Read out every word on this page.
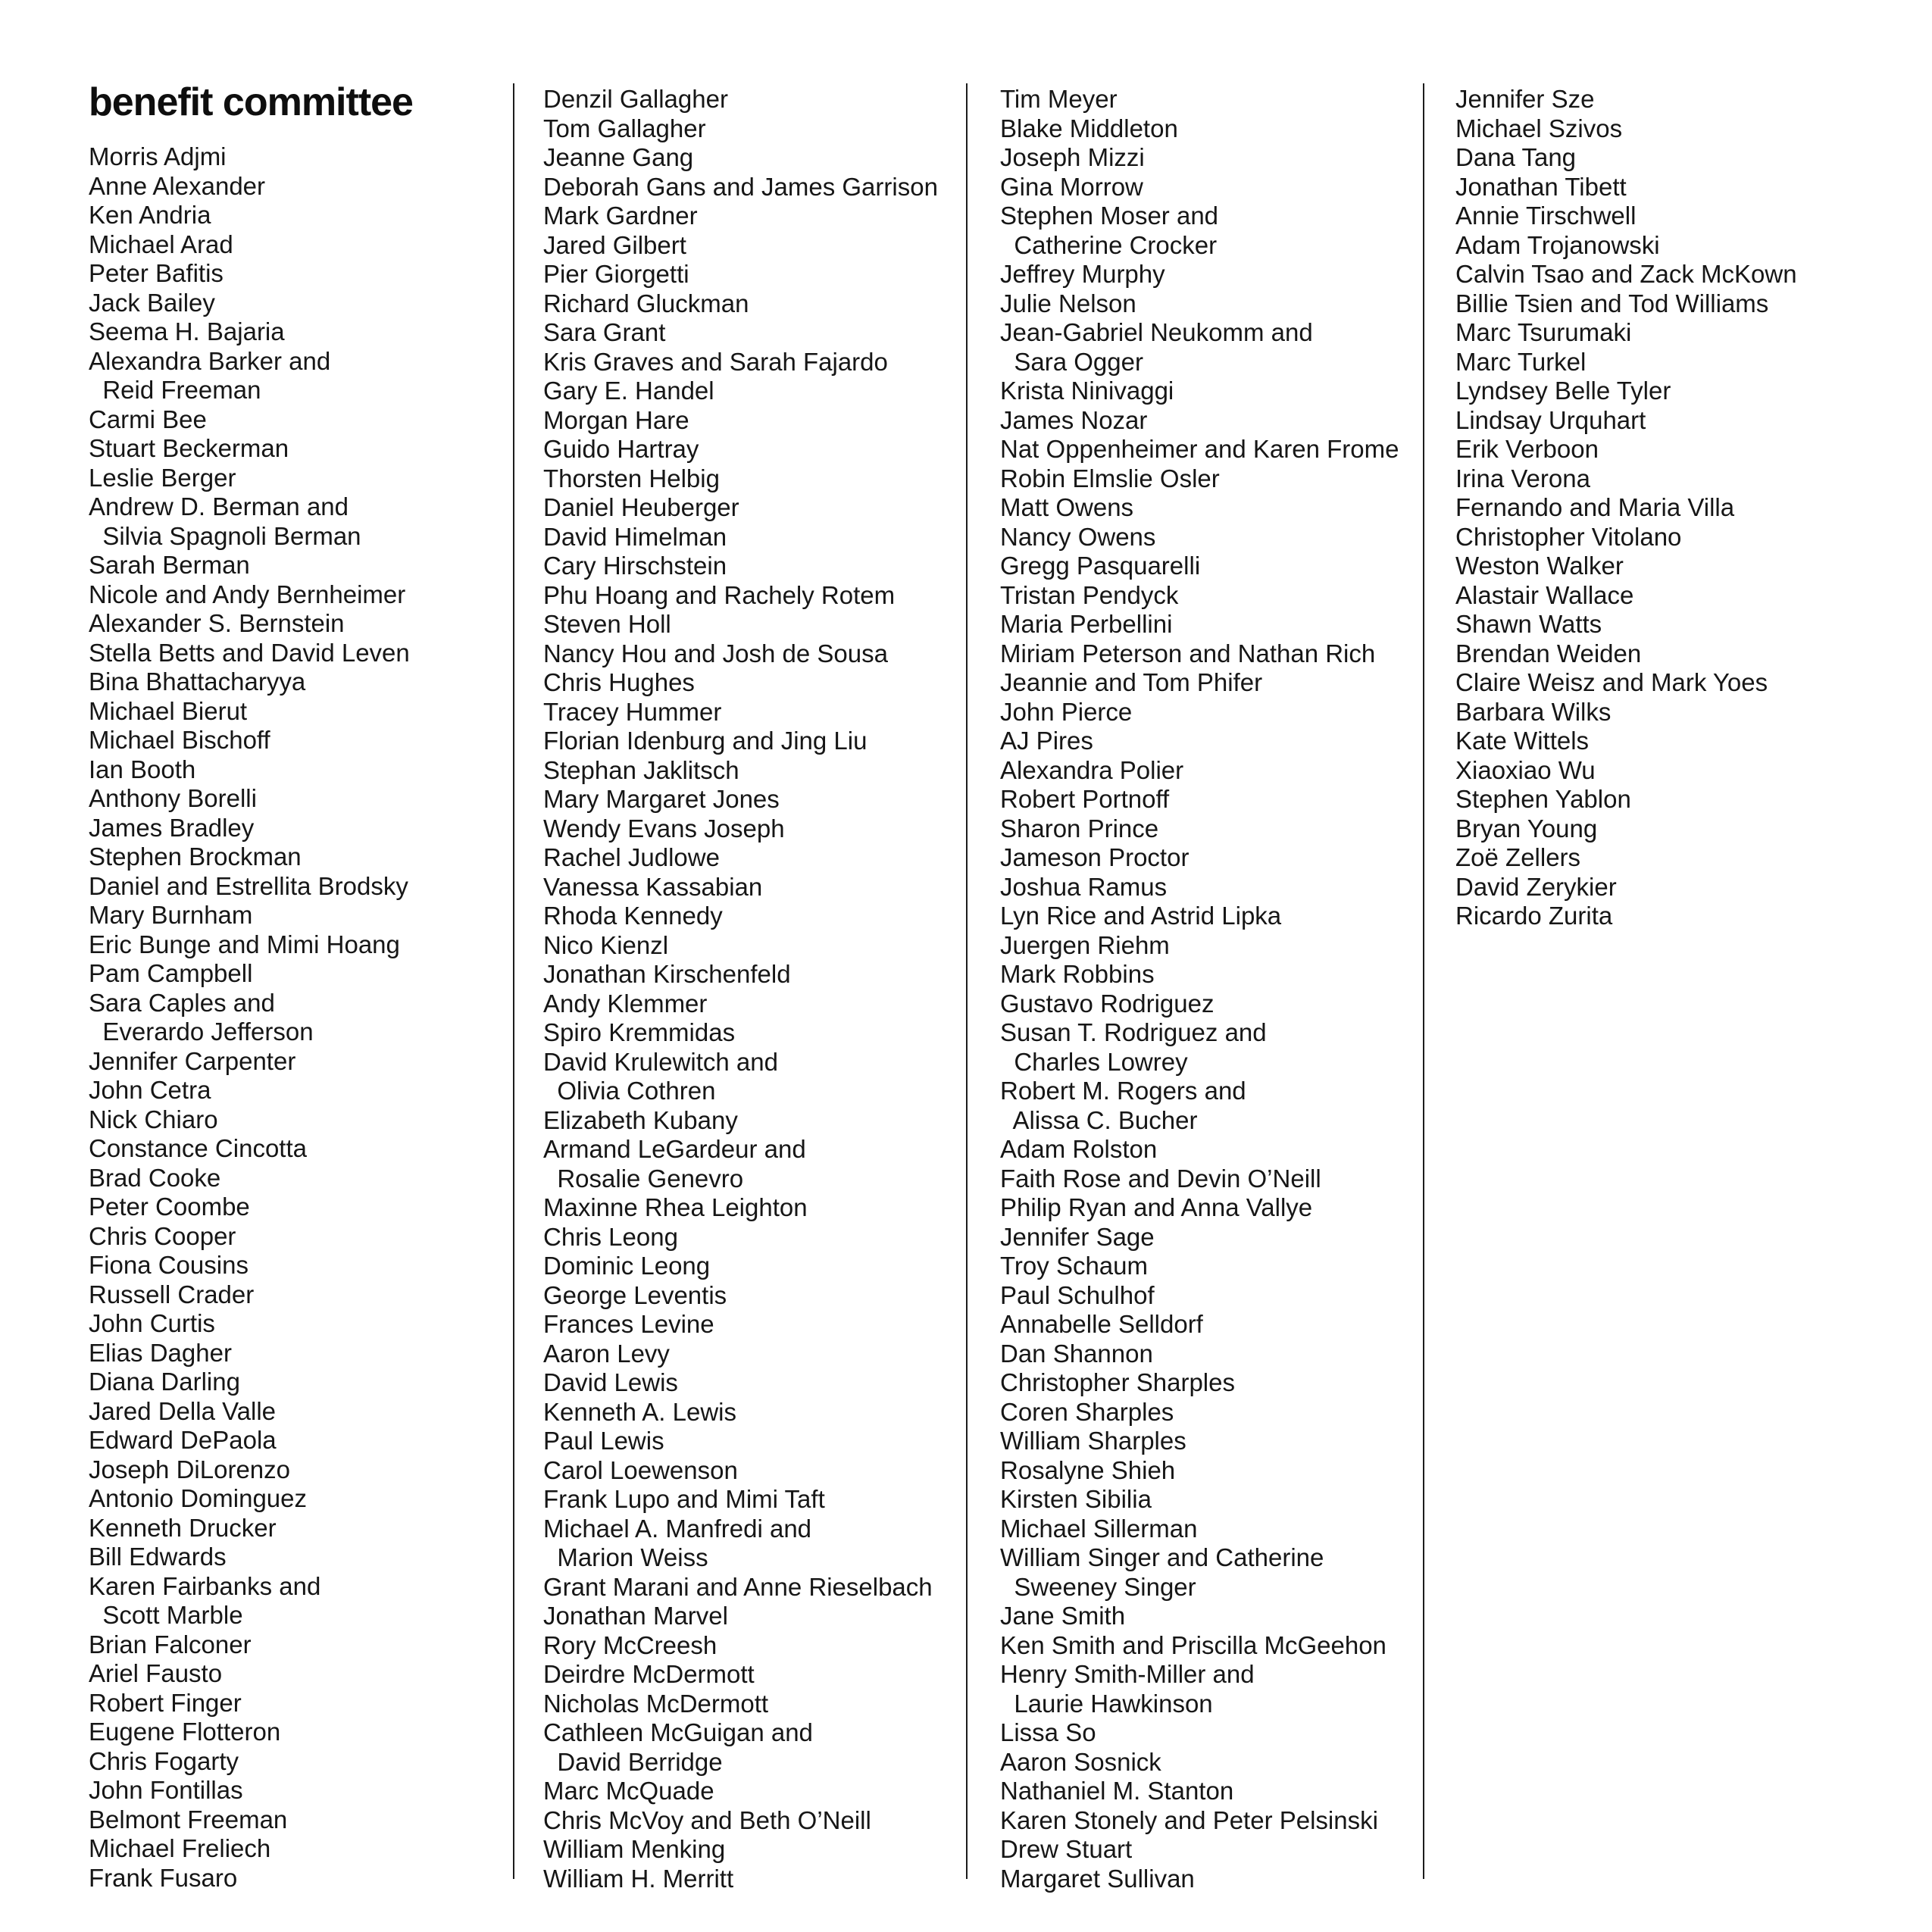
benefit committee
Morris Adjmi
Anne Alexander
Ken Andria
Michael Arad
Peter Bafitis
Jack Bailey
Seema H. Bajaria
Alexandra Barker and
Reid Freeman
Carmi Bee
Stuart Beckerman
Leslie Berger
Andrew D. Berman and
Silvia Spagnoli Berman
Sarah Berman
Nicole and Andy Bernheimer
Alexander S. Bernstein
Stella Betts and David Leven
Bina Bhattacharyya
Michael Bierut
Michael Bischoff
Ian Booth
Anthony Borelli
James Bradley
Stephen Brockman
Daniel and Estrellita Brodsky
Mary Burnham
Eric Bunge and Mimi Hoang
Pam Campbell
Sara Caples and
Everardo Jefferson
Jennifer Carpenter
John Cetra
Nick Chiaro
Constance Cincotta
Brad Cooke
Peter Coombe
Chris Cooper
Fiona Cousins
Russell Crader
John Curtis
Elias Dagher
Diana Darling
Jared Della Valle
Edward DePaola
Joseph DiLorenzo
Antonio Dominguez
Kenneth Drucker
Bill Edwards
Karen Fairbanks and
Scott Marble
Brian Falconer
Ariel Fausto
Robert Finger
Eugene Flotteron
Chris Fogarty
John Fontillas
Belmont Freeman
Michael Freliech
Frank Fusaro
Denzil Gallagher
Tom Gallagher
Jeanne Gang
Deborah Gans and James Garrison
Mark Gardner
Jared Gilbert
Pier Giorgetti
Richard Gluckman
Sara Grant
Kris Graves and Sarah Fajardo
Gary E. Handel
Morgan Hare
Guido Hartray
Thorsten Helbig
Daniel Heuberger
David Himelman
Cary Hirschstein
Phu Hoang and Rachely Rotem
Steven Holl
Nancy Hou and Josh de Sousa
Chris Hughes
Tracey Hummer
Florian Idenburg and Jing Liu
Stephan Jaklitsch
Mary Margaret Jones
Wendy Evans Joseph
Rachel Judlowe
Vanessa Kassabian
Rhoda Kennedy
Nico Kienzl
Jonathan Kirschenfeld
Andy Klemmer
Spiro Kremmidas
David Krulewitch and
Olivia Cothren
Elizabeth Kubany
Armand LeGardeur and
Rosalie Genevro
Maxinne Rhea Leighton
Chris Leong
Dominic Leong
George Leventis
Frances Levine
Aaron Levy
David Lewis
Kenneth A. Lewis
Paul Lewis
Carol Loewenson
Frank Lupo and Mimi Taft
Michael A. Manfredi and
Marion Weiss
Grant Marani and Anne Rieselbach
Jonathan Marvel
Rory McCreesh
Deirdre McDermott
Nicholas McDermott
Cathleen McGuigan and
David Berridge
Marc McQuade
Chris McVoy and Beth O’Neill
William Menking
William H. Merritt
Tim Meyer
Blake Middleton
Joseph Mizzi
Gina Morrow
Stephen Moser and
Catherine Crocker
Jeffrey Murphy
Julie Nelson
Jean-Gabriel Neukomm and
Sara Ogger
Krista Ninivaggi
James Nozar
Nat Oppenheimer and Karen Frome
Robin Elmslie Osler
Matt Owens
Nancy Owens
Gregg Pasquarelli
Tristan Pendyck
Maria Perbellini
Miriam Peterson and Nathan Rich
Jeannie and Tom Phifer
John Pierce
AJ Pires
Alexandra Polier
Robert Portnoff
Sharon Prince
Jameson Proctor
Joshua Ramus
Lyn Rice and Astrid Lipka
Juergen Riehm
Mark Robbins
Gustavo Rodriguez
Susan T. Rodriguez and
Charles Lowrey
Robert M. Rogers and
Alissa C. Bucher
Adam Rolston
Faith Rose and Devin O’Neill
Philip Ryan and Anna Vallye
Jennifer Sage
Troy Schaum
Paul Schulhof
Annabelle Selldorf
Dan Shannon
Christopher Sharples
Coren Sharples
William Sharples
Rosalyne Shieh
Kirsten Sibilia
Michael Sillerman
William Singer and Catherine
Sweeney Singer
Jane Smith
Ken Smith and Priscilla McGeehon
Henry Smith-Miller and
Laurie Hawkinson
Lissa So
Aaron Sosnick
Nathaniel M. Stanton
Karen Stonely and Peter Pelsinski
Drew Stuart
Margaret Sullivan
Jennifer Sze
Michael Szivos
Dana Tang
Jonathan Tibett
Annie Tirschwell
Adam Trojanowski
Calvin Tsao and Zack McKown
Billie Tsien and Tod Williams
Marc Tsurumaki
Marc Turkel
Lyndsey Belle Tyler
Lindsay Urquhart
Erik Verboon
Irina Verona
Fernando and Maria Villa
Christopher Vitolano
Weston Walker
Alastair Wallace
Shawn Watts
Brendan Weiden
Claire Weisz and Mark Yoes
Barbara Wilks
Kate Wittels
Xiaoxiao Wu
Stephen Yablon
Bryan Young
Zoë Zellers
David Zerykier
Ricardo Zurita
